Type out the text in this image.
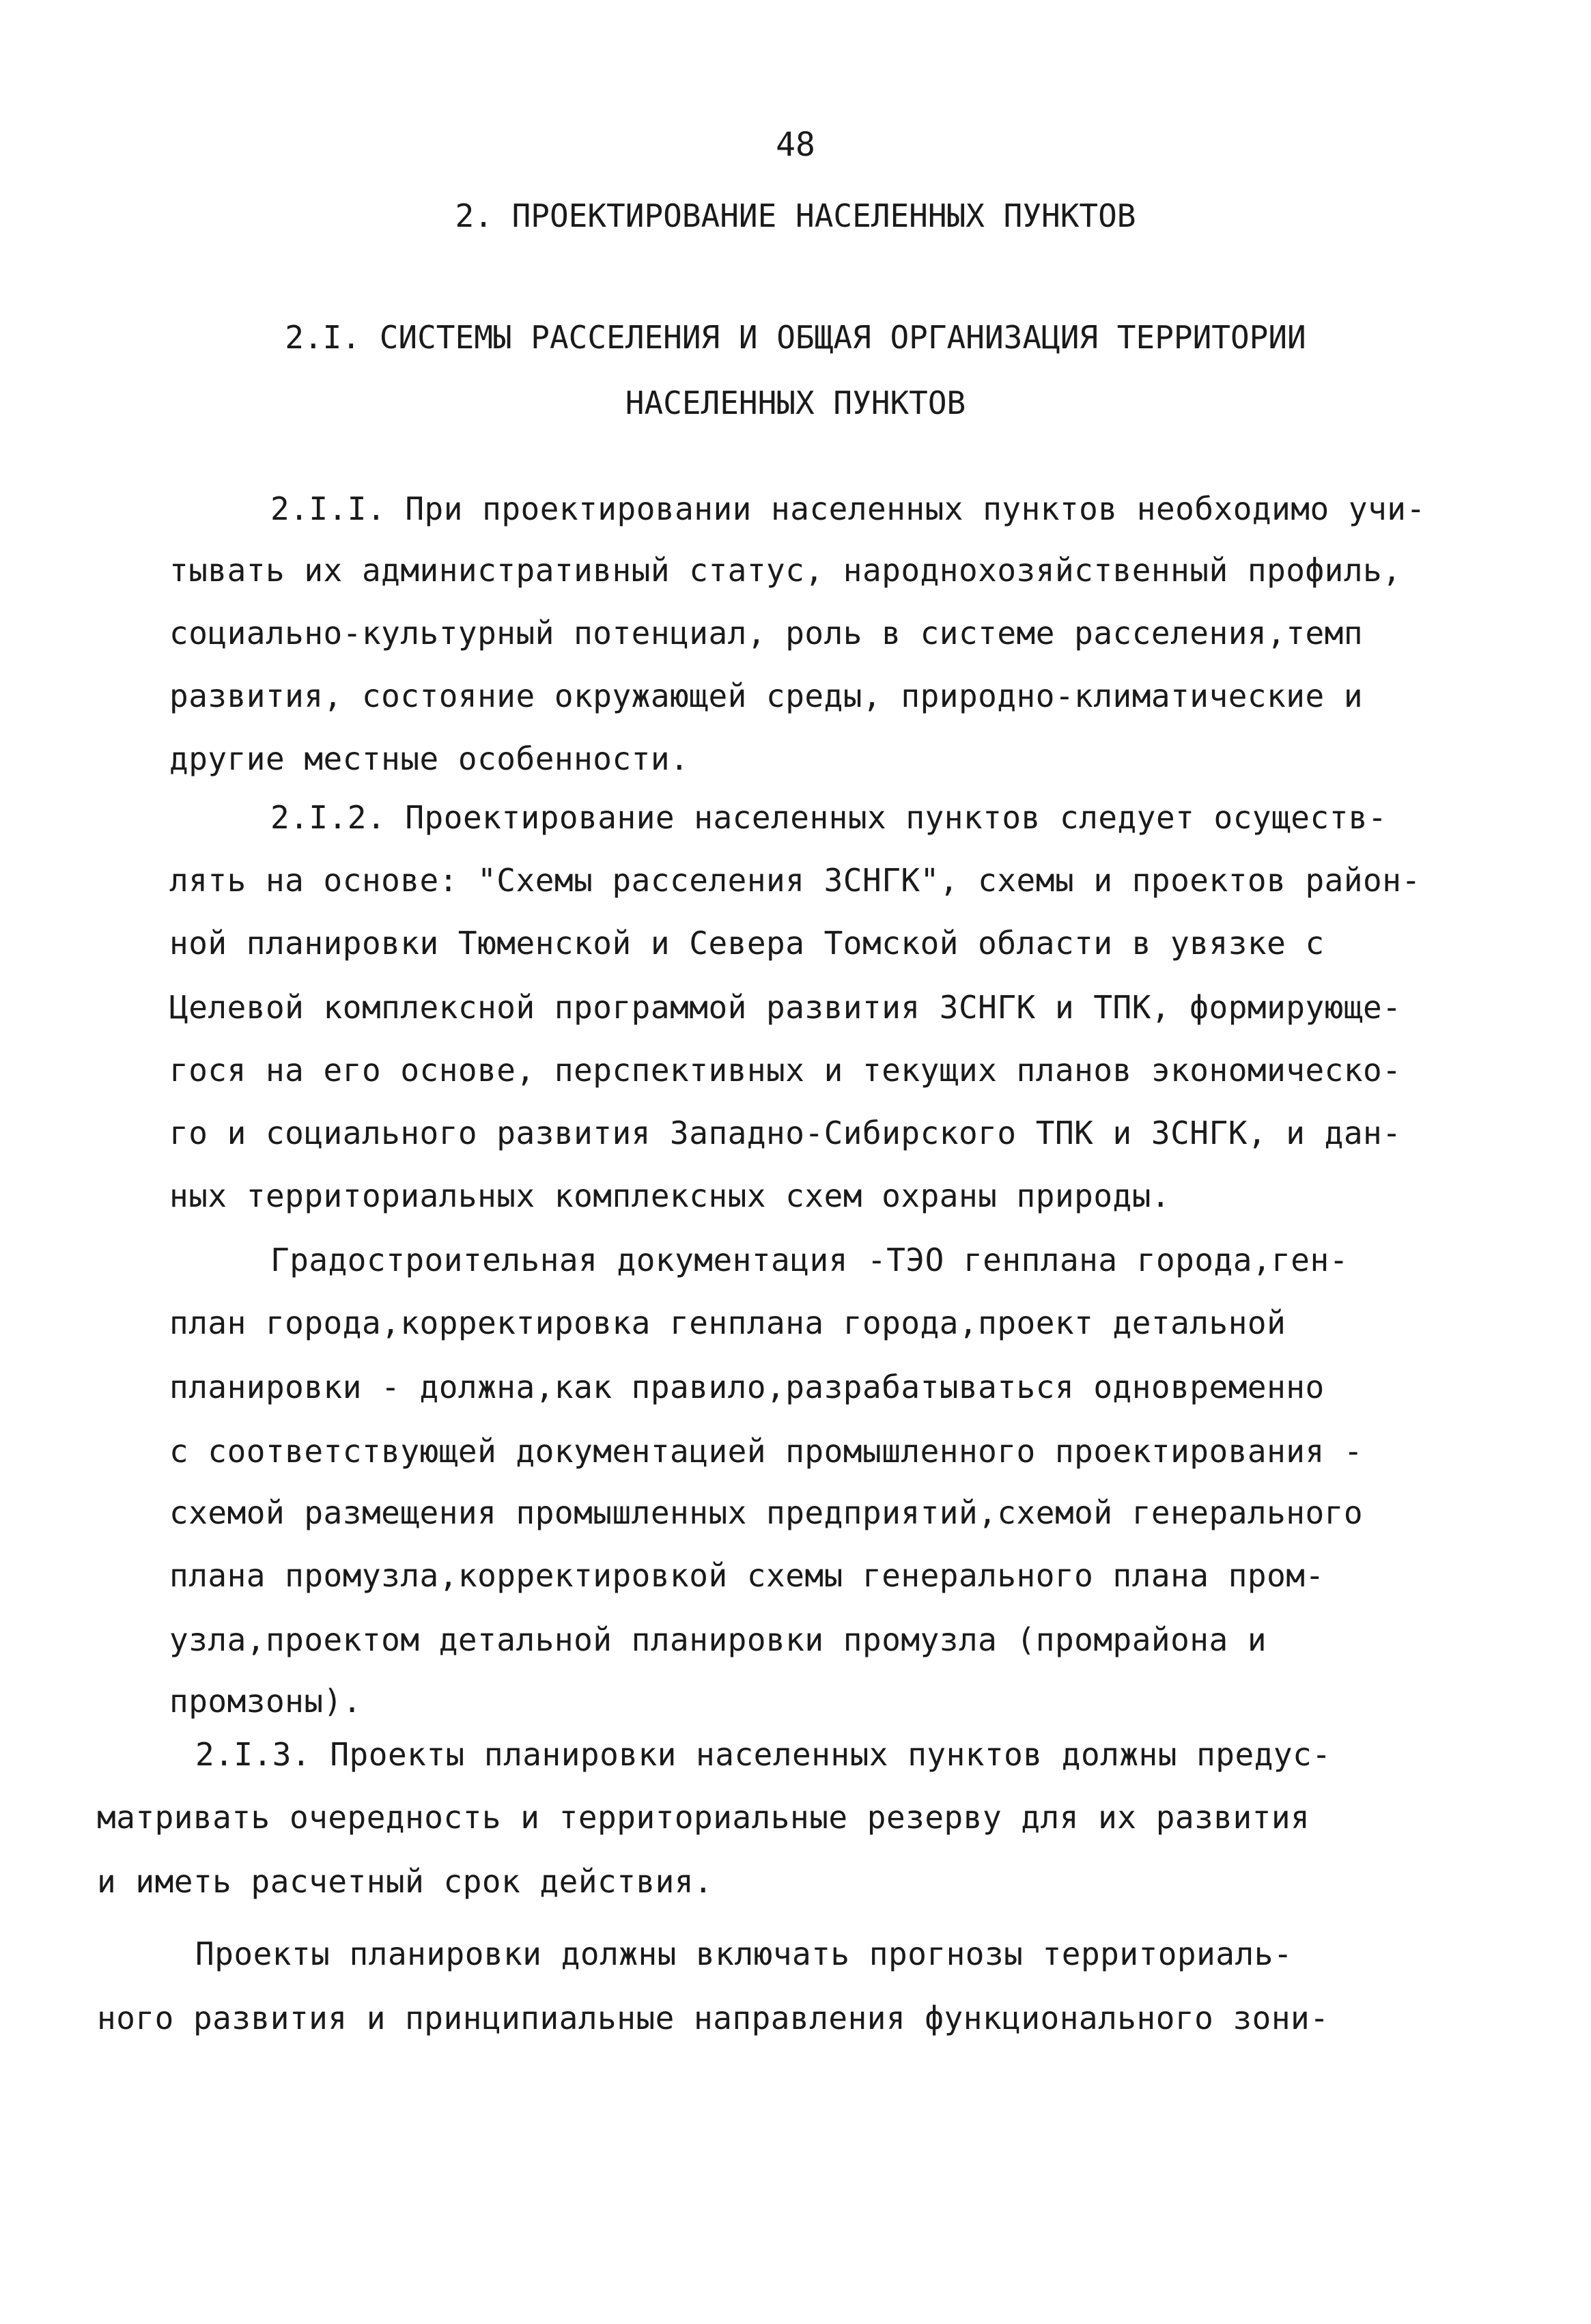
48
2. ПРОЕКТИРОВАНИЕ НАСЕЛЕННЫХ ПУНКТОВ
2.I. СИСТЕМЫ РАССЕЛЕНИЯ И ОБЩАЯ ОРГАНИЗАЦИЯ ТЕРРИТОРИИ
НАСЕЛЕННЫХ ПУНКТОВ
2.I.I. При проектировании населенных пунктов необходимо учи-
тывать их административный статус, народнохозяйственный профиль,
социально-культурный потенциал, роль в системе расселения,темп
развития, состояние окружающей среды, природно-климатические и
другие местные особенности.
2.I.2. Проектирование населенных пунктов следует осуществ-
лять на основе: "Схемы расселения ЗСНГК", схемы и проектов район-
ной планировки Тюменской и Севера Томской области в увязке с
Целевой комплексной программой развития ЗСНГК и ТПК, формирующе-
гося на его основе, перспективных и текущих планов экономическо-
го и социального развития Западно-Сибирского ТПК и ЗСНГК, и дан-
ных территориальных комплексных схем охраны природы.
Градостроительная документация -ТЭО генплана города,ген-
план города,корректировка генплана города,проект детальной
планировки - должна,как правило,разрабатываться одновременно
с соответствующей документацией промышленного проектирования -
схемой размещения промышленных предприятий,схемой генерального
плана промузла,корректировкой схемы генерального плана пром-
узла,проектом детальной планировки промузла (промрайона и
промзоны).
2.I.3. Проекты планировки населенных пунктов должны предус-
матривать очередность и территориальные резерву для их развития
и иметь расчетный срок действия.
Проекты планировки должны включать прогнозы территориаль-
ного развития и принципиальные направления функционального зони-
